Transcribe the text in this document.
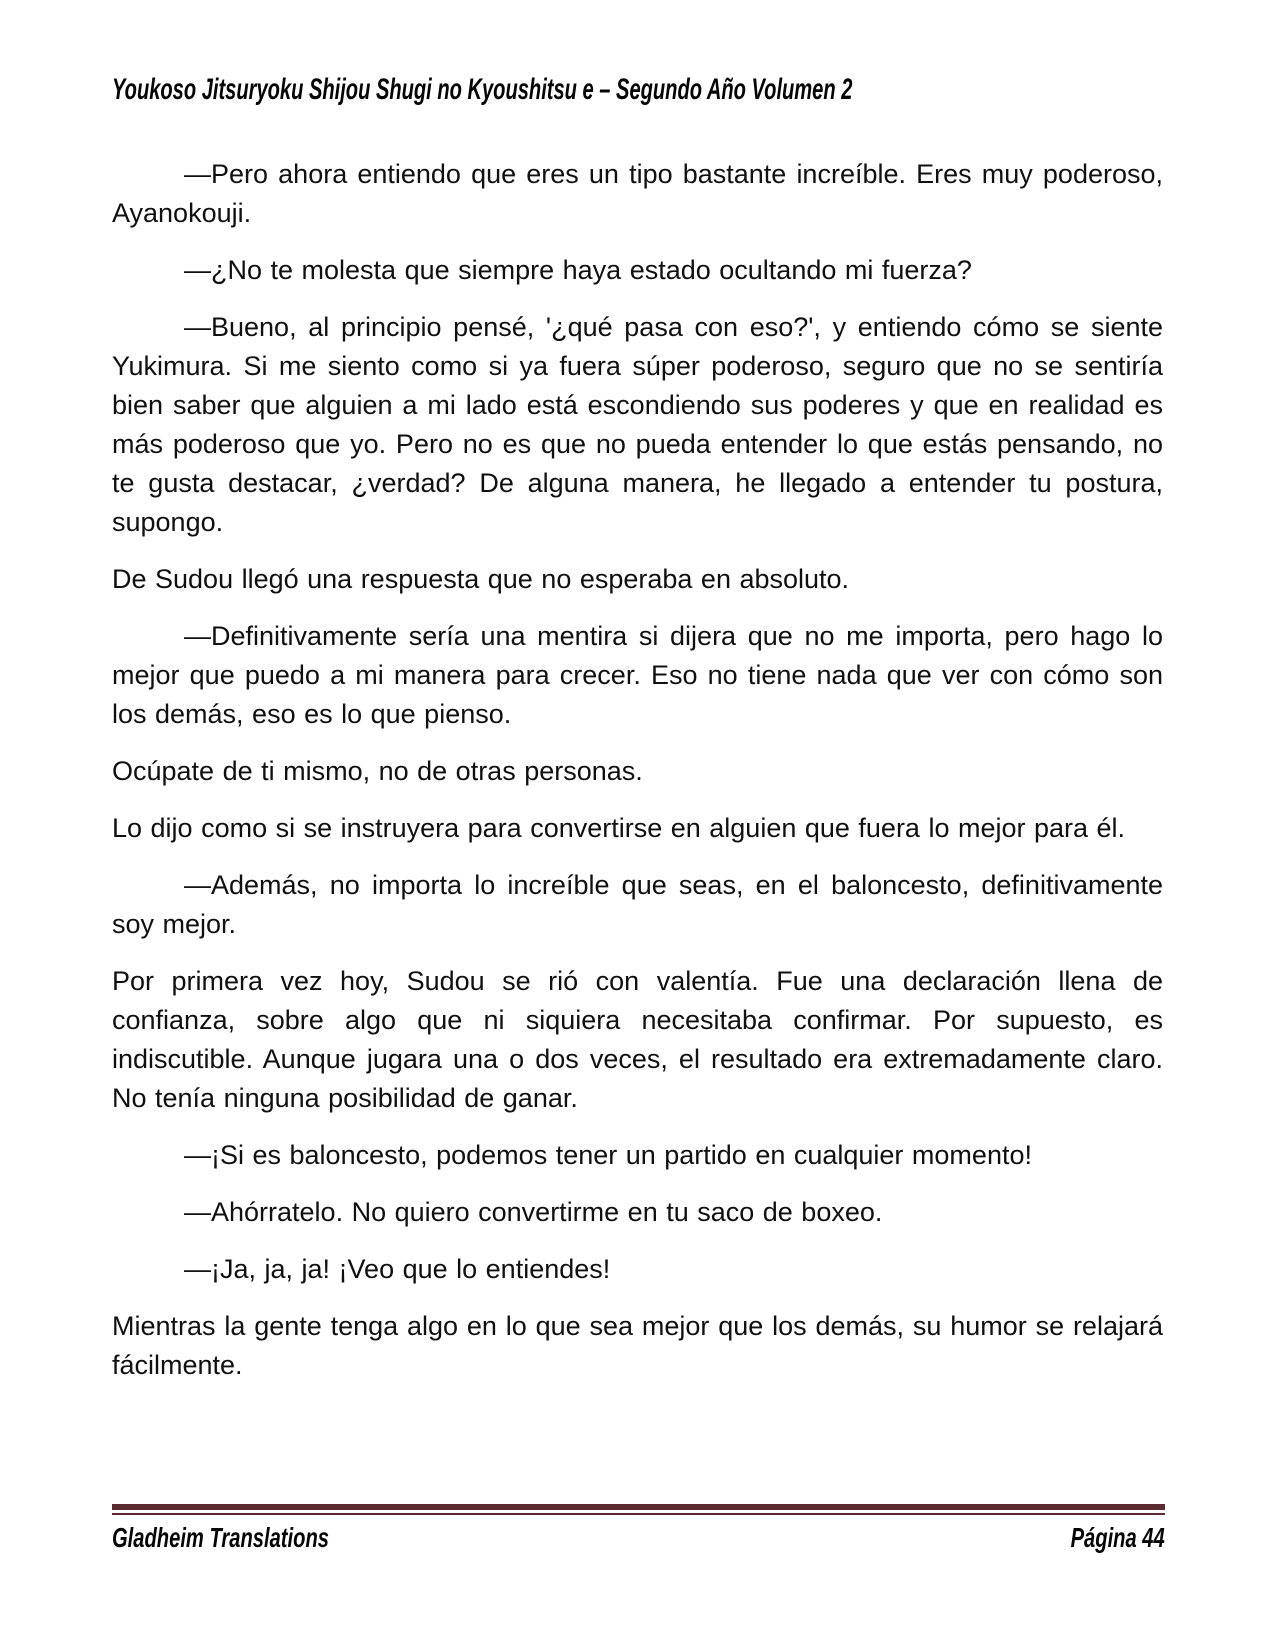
Youkoso Jitsuryoku Shijou Shugi no Kyoushitsu e – Segundo Año Volumen 2

—Pero ahora entiendo que eres un tipo bastante increíble. Eres muy poderoso, Ayanokouji.

—¿No te molesta que siempre haya estado ocultando mi fuerza?

—Bueno, al principio pensé, '¿qué pasa con eso?', y entiendo cómo se siente Yukimura. Si me siento como si ya fuera súper poderoso, seguro que no se sentiría bien saber que alguien a mi lado está escondiendo sus poderes y que en realidad es más poderoso que yo. Pero no es que no pueda entender lo que estás pensando, no te gusta destacar, ¿verdad? De alguna manera, he llegado a entender tu postura, supongo.

De Sudou llegó una respuesta que no esperaba en absoluto.

—Definitivamente sería una mentira si dijera que no me importa, pero hago lo mejor que puedo a mi manera para crecer. Eso no tiene nada que ver con cómo son los demás, eso es lo que pienso.

Ocúpate de ti mismo, no de otras personas.

Lo dijo como si se instruyera para convertirse en alguien que fuera lo mejor para él.

—Además, no importa lo increíble que seas, en el baloncesto, definitivamente soy mejor.

Por primera vez hoy, Sudou se rió con valentía. Fue una declaración llena de confianza, sobre algo que ni siquiera necesitaba confirmar. Por supuesto, es indiscutible. Aunque jugara una o dos veces, el resultado era extremadamente claro. No tenía ninguna posibilidad de ganar.

—¡Si es baloncesto, podemos tener un partido en cualquier momento!

—Ahórratelo. No quiero convertirme en tu saco de boxeo.

—¡Ja, ja, ja! ¡Veo que lo entiendes!

Mientras la gente tenga algo en lo que sea mejor que los demás, su humor se relajará fácilmente.

Gladheim Translations	Página 44
